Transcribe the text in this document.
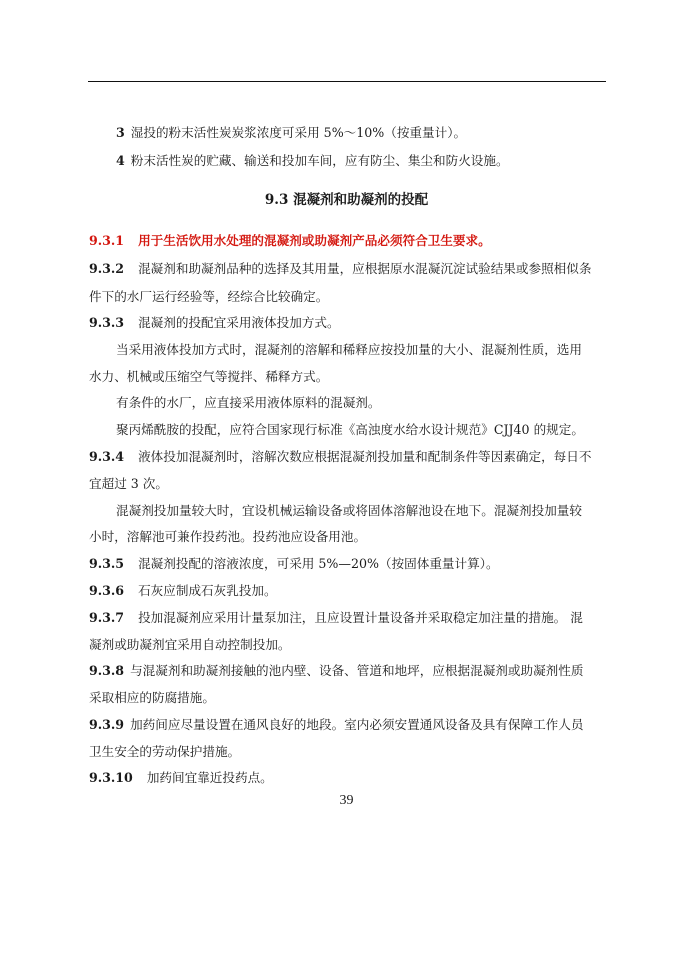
3 湿投的粉末活性炭炭浆浓度可采用 5%～10%（按重量计）。
4 粉末活性炭的贮藏、输送和投加车间，应有防尘、集尘和防火设施。
9.3 混凝剂和助凝剂的投配
9.3.1 用于生活饮用水处理的混凝剂或助凝剂产品必须符合卫生要求。
9.3.2 混凝剂和助凝剂品种的选择及其用量，应根据原水混凝沉淀试验结果或参照相似条
件下的水厂运行经验等，经综合比较确定。
9.3.3 混凝剂的投配宜采用液体投加方式。
当采用液体投加方式时，混凝剂的溶解和稀释应按投加量的大小、混凝剂性质，选用
水力、机械或压缩空气等搅拌、稀释方式。
有条件的水厂，应直接采用液体原料的混凝剂。
聚丙烯酰胺的投配，应符合国家现行标准《高浊度水给水设计规范》CJJ40 的规定。
9.3.4 液体投加混凝剂时，溶解次数应根据混凝剂投加量和配制条件等因素确定，每日不
宜超过 3 次。
混凝剂投加量较大时，宜设机械运输设备或将固体溶解池设在地下。混凝剂投加量较
小时，溶解池可兼作投药池。投药池应设备用池。
9.3.5 混凝剂投配的溶液浓度，可采用 5%—20%（按固体重量计算）。
9.3.6 石灰应制成石灰乳投加。
9.3.7 投加混凝剂应采用计量泵加注，且应设置计量设备并采取稳定加注量的措施。 混
凝剂或助凝剂宜采用自动控制投加。
9.3.8 与混凝剂和助凝剂接触的池内壁、设备、管道和地坪，应根据混凝剂或助凝剂性质
采取相应的防腐措施。
9.3.9 加药间应尽量设置在通风良好的地段。室内必须安置通风设备及具有保障工作人员
卫生安全的劳动保护措施。
9.3.10 加药间宜靠近投药点。
39
